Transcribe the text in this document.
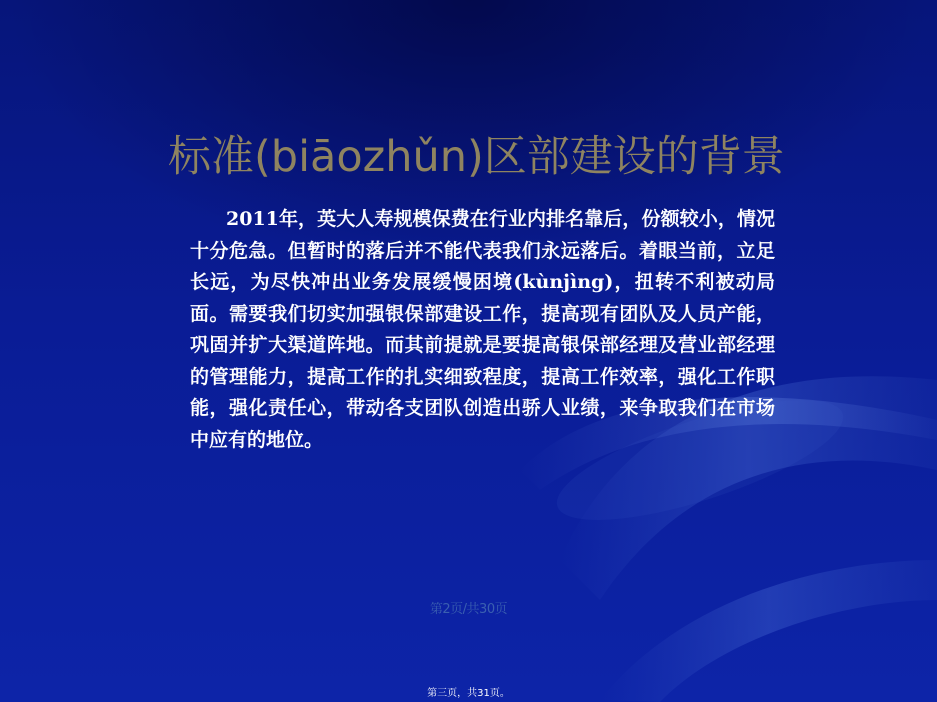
标准(biāozhǔn)区部建设的背景

2011年，英大人寿规模保费在行业内排名靠后，份额较小，情况十分危急。但暂时的落后并不能代表我们永远落后。着眼当前，立足长远，为尽快冲出业务发展缓慢困境(kùnjìng)，扭转不利被动局面。需要我们切实加强银保部建设工作，提高现有团队及人员产能，巩固并扩大渠道阵地。而其前提就是要提高银保部经理及营业部经理的管理能力，提高工作的扎实细致程度，提高工作效率，强化工作职能，强化责任心，带动各支团队创造出骄人业绩，来争取我们在市场中应有的地位。

第2页/共30页
第三页，共31页。
